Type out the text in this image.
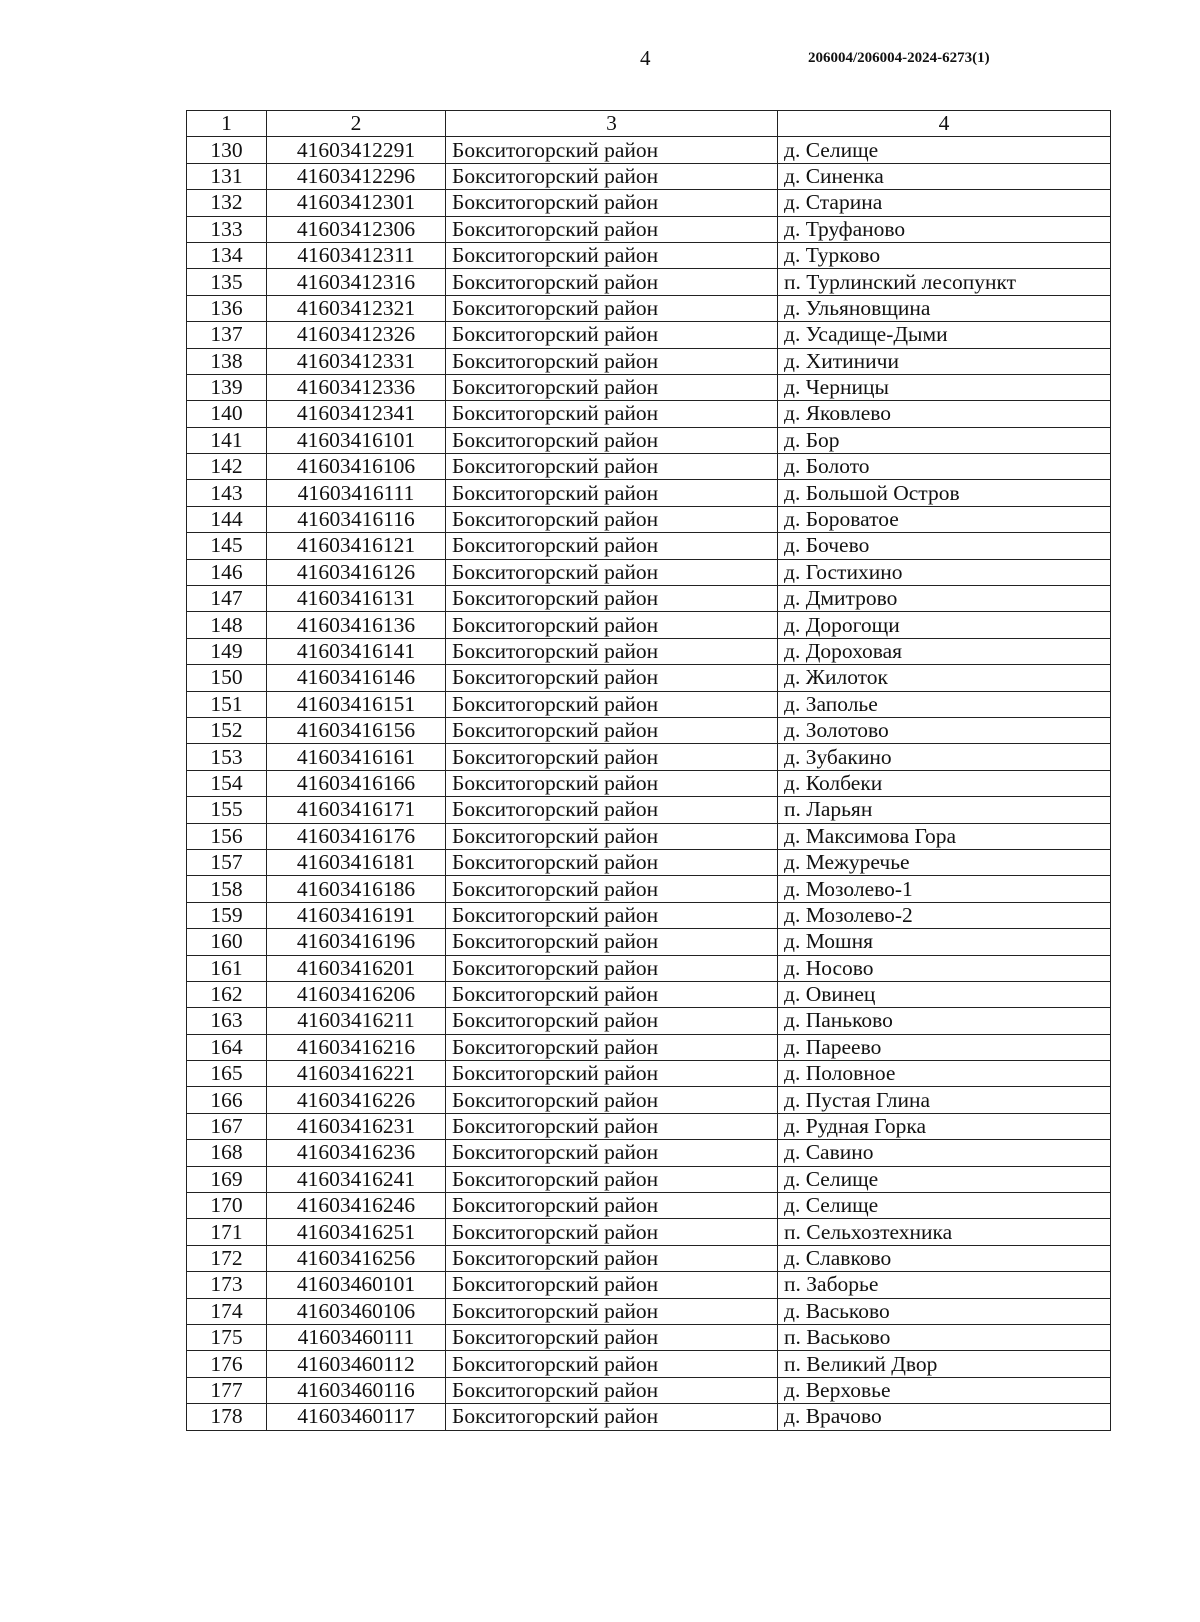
4	206004/206004-2024-6273(1)
1	2	3	4
130	41603412291	Бокситогорский район	д. Селище
131	41603412296	Бокситогорский район	д. Синенка
132	41603412301	Бокситогорский район	д. Старина
133	41603412306	Бокситогорский район	д. Труфаново
134	41603412311	Бокситогорский район	д. Турково
135	41603412316	Бокситогорский район	п. Турлинский лесопункт
136	41603412321	Бокситогорский район	д. Ульяновщина
137	41603412326	Бокситогорский район	д. Усадище-Дыми
138	41603412331	Бокситогорский район	д. Хитиничи
139	41603412336	Бокситогорский район	д. Черницы
140	41603412341	Бокситогорский район	д. Яковлево
141	41603416101	Бокситогорский район	д. Бор
142	41603416106	Бокситогорский район	д. Болото
143	41603416111	Бокситогорский район	д. Большой Остров
144	41603416116	Бокситогорский район	д. Бороватое
145	41603416121	Бокситогорский район	д. Бочево
146	41603416126	Бокситогорский район	д. Гостихино
147	41603416131	Бокситогорский район	д. Дмитрово
148	41603416136	Бокситогорский район	д. Дорогощи
149	41603416141	Бокситогорский район	д. Дороховая
150	41603416146	Бокситогорский район	д. Жилоток
151	41603416151	Бокситогорский район	д. Заполье
152	41603416156	Бокситогорский район	д. Золотово
153	41603416161	Бокситогорский район	д. Зубакино
154	41603416166	Бокситогорский район	д. Колбеки
155	41603416171	Бокситогорский район	п. Ларьян
156	41603416176	Бокситогорский район	д. Максимова Гора
157	41603416181	Бокситогорский район	д. Межуречье
158	41603416186	Бокситогорский район	д. Мозолево-1
159	41603416191	Бокситогорский район	д. Мозолево-2
160	41603416196	Бокситогорский район	д. Мошня
161	41603416201	Бокситогорский район	д. Носово
162	41603416206	Бокситогорский район	д. Овинец
163	41603416211	Бокситогорский район	д. Паньково
164	41603416216	Бокситогорский район	д. Пареево
165	41603416221	Бокситогорский район	д. Половное
166	41603416226	Бокситогорский район	д. Пустая Глина
167	41603416231	Бокситогорский район	д. Рудная Горка
168	41603416236	Бокситогорский район	д. Савино
169	41603416241	Бокситогорский район	д. Селище
170	41603416246	Бокситогорский район	д. Селище
171	41603416251	Бокситогорский район	п. Сельхозтехника
172	41603416256	Бокситогорский район	д. Славково
173	41603460101	Бокситогорский район	п. Заборье
174	41603460106	Бокситогорский район	д. Васьково
175	41603460111	Бокситогорский район	п. Васьково
176	41603460112	Бокситогорский район	п. Великий Двор
177	41603460116	Бокситогорский район	д. Верховье
178	41603460117	Бокситогорский район	д. Врачово
